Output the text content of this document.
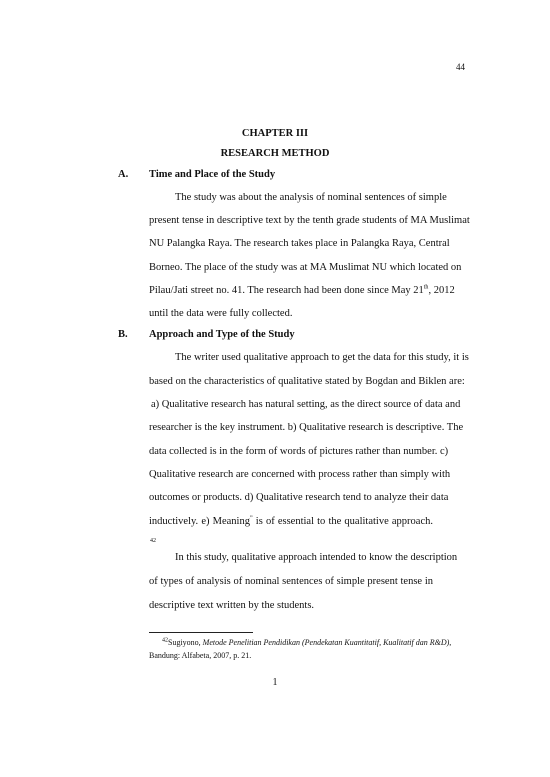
44
CHAPTER III
RESEARCH METHOD
A. Time and Place of the Study
The study was about the analysis of nominal sentences of simple
present tense in descriptive text by the tenth grade students of MA Muslimat
NU Palangka Raya. The research takes place in Palangka Raya, Central
Borneo. The place of the study was at MA Muslimat NU which located on
Pilau/Jati street no. 41. The research had been done since May 21th, 2012
until the data were fully collected.
B. Approach and Type of the Study
The writer used qualitative approach to get the data for this study, it is
based on the characteristics of qualitative stated by Bogdan and Biklen are:
a) Qualitative research has natural setting, as the direct source of data and
researcher is the key instrument. b) Qualitative research is descriptive. The
data collected is in the form of words of pictures rather than number. c)
Qualitative research are concerned with process rather than simply with
outcomes or products. d) Qualitative research tend to analyze their data
inductively. e) Meaning” is of essential to the qualitative approach.
42
In this study, qualitative approach intended to know the description
of types of analysis of nominal sentences of simple present tense in
descriptive text written by the students.
$^{42}$Sugiyono, Metode Penelitian Pendidikan (Pendekatan Kuantitatif, Kualitatif dan R&D),
Bandung: Alfabeta, 2007, p. 21.
1
